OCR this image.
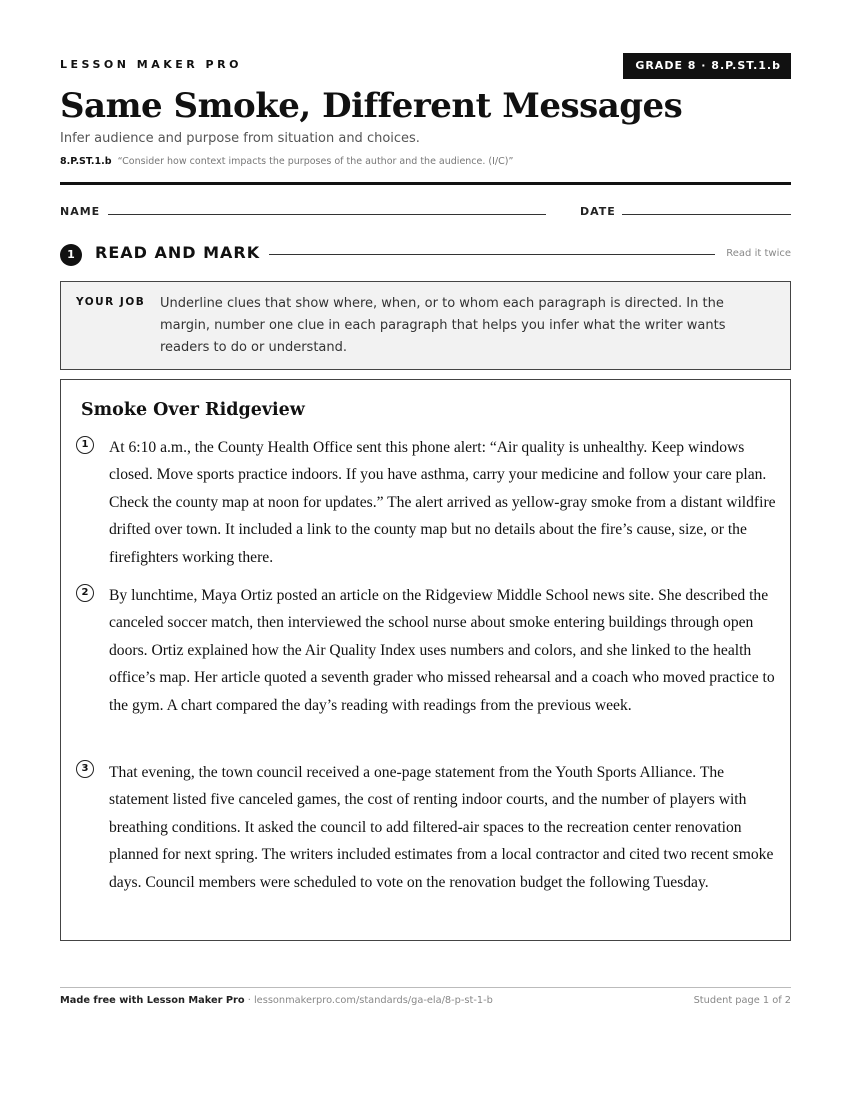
LESSON MAKER PRO	GRADE 8 · 8.P.ST.1.b
Same Smoke, Different Messages
Infer audience and purpose from situation and choices.
8.P.ST.1.b “Consider how context impacts the purposes of the author and the audience. (I/C)”
NAME	DATE
1	READ AND MARK	Read it twice
YOUR JOB Underline clues that show where, when, or to whom each paragraph is directed. In the margin, number one clue in each paragraph that helps you infer what the writer wants readers to do or understand.
Smoke Over Ridgeview
1	At 6:10 a.m., the County Health Office sent this phone alert: “Air quality is unhealthy. Keep windows closed. Move sports practice indoors. If you have asthma, carry your medicine and follow your care plan. Check the county map at noon for updates.” The alert arrived as yellow-gray smoke from a distant wildfire drifted over town. It included a link to the county map but no details about the fire’s cause, size, or the firefighters working there.
2	By lunchtime, Maya Ortiz posted an article on the Ridgeview Middle School news site. She described the canceled soccer match, then interviewed the school nurse about smoke entering buildings through open doors. Ortiz explained how the Air Quality Index uses numbers and colors, and she linked to the health office’s map. Her article quoted a seventh grader who missed rehearsal and a coach who moved practice to the gym. A chart compared the day’s reading with readings from the previous week.
3	That evening, the town council received a one-page statement from the Youth Sports Alliance. The statement listed five canceled games, the cost of renting indoor courts, and the number of players with breathing conditions. It asked the council to add filtered-air spaces to the recreation center renovation planned for next spring. The writers included estimates from a local contractor and cited two recent smoke days. Council members were scheduled to vote on the renovation budget the following Tuesday.
Made free with Lesson Maker Pro · lessonmakerpro.com/standards/ga-ela/8-p-st-1-b	Student page 1 of 2
